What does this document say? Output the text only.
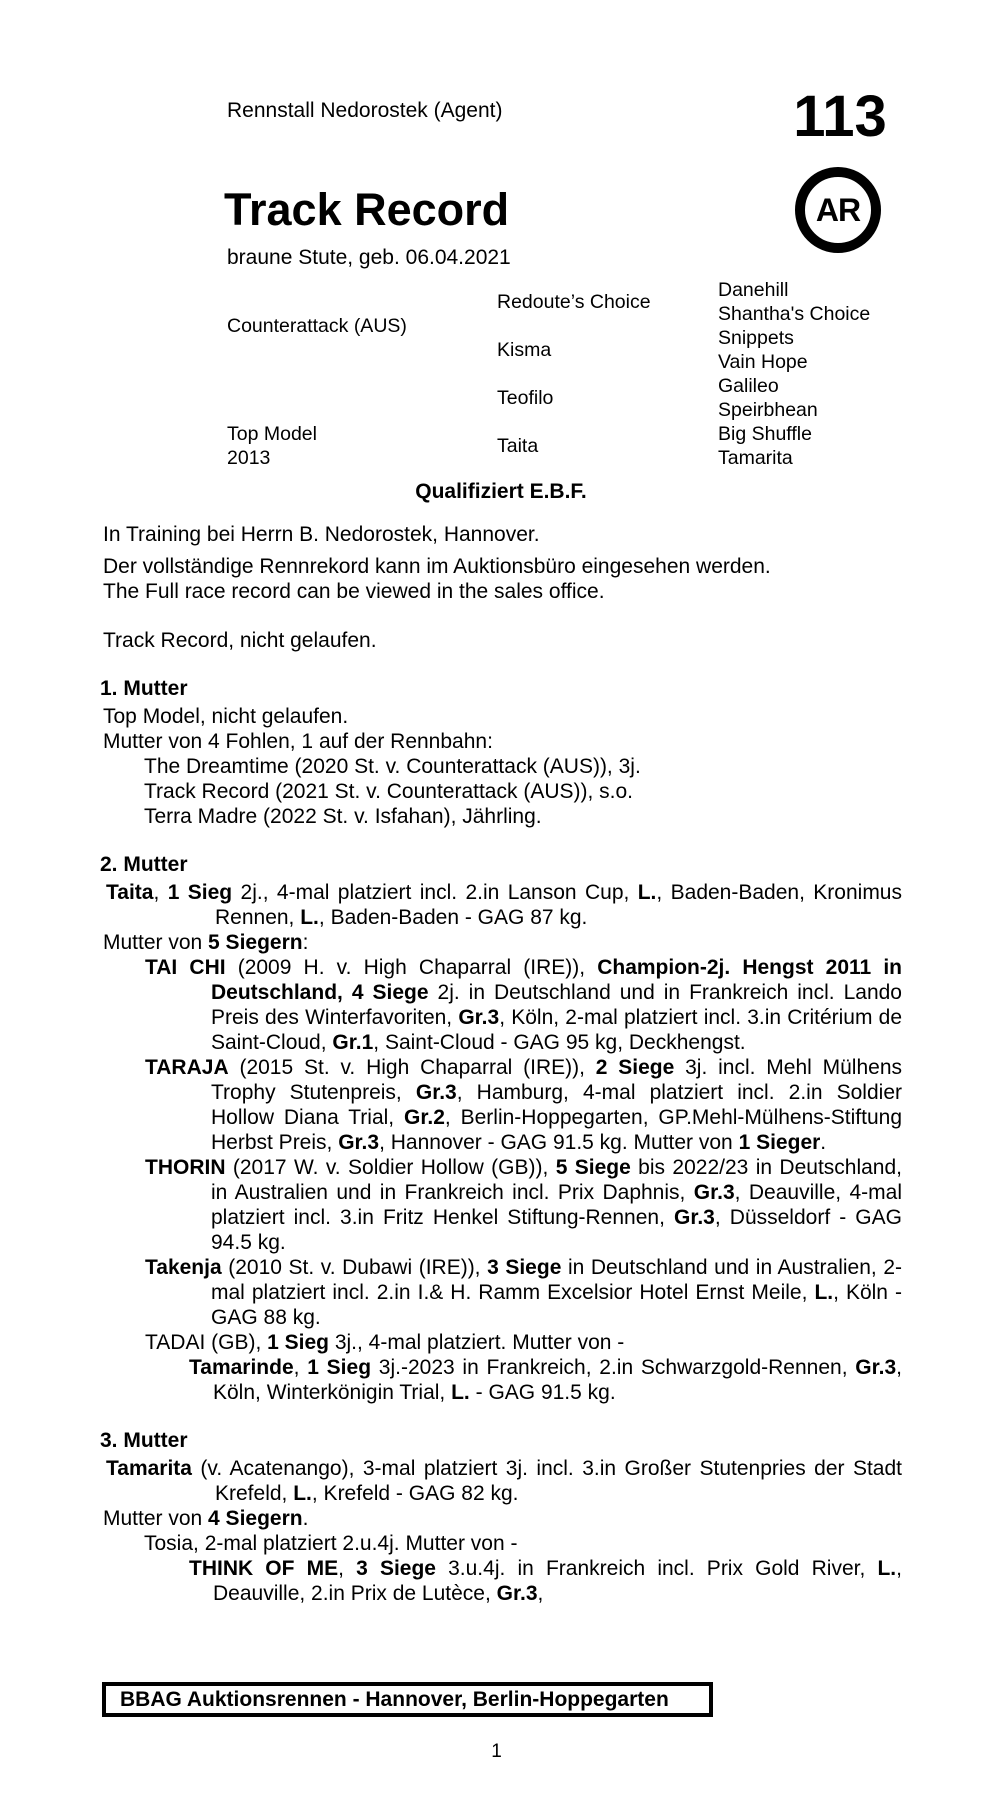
Rennstall Nedorostek (Agent)	113
AR
Track Record
braune Stute, geb. 06.04.2021
Counterattack (AUS)
Top Model
2013
Redoute’s Choice
Kisma
Teofilo
Taita
Danehill
Shantha's Choice
Snippets
Vain Hope
Galileo
Speirbhean
Big Shuffle
Tamarita
Qualifiziert E.B.F.

In Training bei Herrn B. Nedorostek, Hannover.

Der vollständige Rennrekord kann im Auktionsbüro eingesehen werden.

The Full race record can be viewed in the sales office.

Track Record, nicht gelaufen.

1. Mutter

Top Model, nicht gelaufen.

Mutter von 4 Fohlen, 1 auf der Rennbahn:

The Dreamtime (2020 St. v. Counterattack (AUS)), 3j.

Track Record (2021 St. v. Counterattack (AUS)), s.o.

Terra Madre (2022 St. v. Isfahan), Jährling.

2. Mutter

Taita, 1 Sieg 2j., 4-mal platziert incl. 2.in Lanson Cup, L., Baden-Baden, Kronimus Rennen, L., Baden-Baden - GAG 87 kg.

Mutter von 5 Siegern:

TAI CHI (2009 H. v. High Chaparral (IRE)), Champion-2j. Hengst 2011 in Deutschland, 4 Siege 2j. in Deutschland und in Frankreich incl. Lando Preis des Winterfavoriten, Gr.3, Köln, 2-mal platziert incl. 3.in Critérium de Saint-Cloud, Gr.1, Saint-Cloud - GAG 95 kg, Deckhengst.

TARAJA (2015 St. v. High Chaparral (IRE)), 2 Siege 3j. incl. Mehl Mülhens Trophy Stutenpreis, Gr.3, Hamburg, 4-mal platziert incl. 2.in Soldier Hollow Diana Trial, Gr.2, Berlin-Hoppegarten, GP.Mehl-Mülhens-Stiftung Herbst Preis, Gr.3, Hannover - GAG 91.5 kg. Mutter von 1 Sieger.

THORIN (2017 W. v. Soldier Hollow (GB)), 5 Siege bis 2022/23 in Deutschland, in Australien und in Frankreich incl. Prix Daphnis, Gr.3, Deauville, 4-mal platziert incl. 3.in Fritz Henkel Stiftung-Rennen, Gr.3, Düsseldorf - GAG 94.5 kg.

Takenja (2010 St. v. Dubawi (IRE)), 3 Siege in Deutschland und in Australien, 2-mal platziert incl. 2.in I.& H. Ramm Excelsior Hotel Ernst Meile, L., Köln - GAG 88 kg.

TADAI (GB), 1 Sieg 3j., 4-mal platziert. Mutter von -

Tamarinde, 1 Sieg 3j.-2023 in Frankreich, 2.in Schwarzgold-Rennen, Gr.3, Köln, Winterkönigin Trial, L. - GAG 91.5 kg.

3. Mutter

Tamarita (v. Acatenango), 3-mal platziert 3j. incl. 3.in Großer Stutenpries der Stadt Krefeld, L., Krefeld - GAG 82 kg.

Mutter von 4 Siegern.

Tosia, 2-mal platziert 2.u.4j. Mutter von -

THINK OF ME, 3 Siege 3.u.4j. in Frankreich incl. Prix Gold River, L., Deauville, 2.in Prix de Lutèce, Gr.3,

BBAG Auktionsrennen - Hannover, Berlin-Hoppegarten
1
